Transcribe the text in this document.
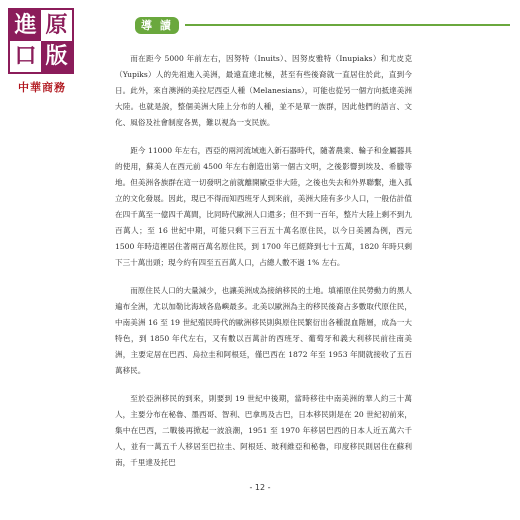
進 原
口 版
中華商務
導 讀

而在距今 5000 年前左右，因努特（Inuits）、因努皮雅特（Inupiaks）和尤皮克（Yupiks）人的先祖進入美洲，最遠直達北極，甚至有些後裔就一直居住於此，直到今日。此外，來自澳洲的美拉尼西亞人種（Melanesians），可能也從另一個方向抵達美洲大陸。也就是說，整個美洲大陸上分布的人種，並不是單一族群，因此他們的語言、文化、風俗及社會制度各異，難以視為一支民族。

距今 11000 年左右，西亞的兩河流域進入新石器時代，隨著農業、輪子和金屬器具的使用，蘇美人在西元前 4500 年左右創造出第一個古文明，之後影響到埃及、希臘等地。但美洲各族群在這一切發明之前就離開歐亞非大陸，之後也失去和外界聯繫，進入孤立的文化發展。因此，現已不得而知西班牙人到來前，美洲大陸有多少人口，一般估計值在四千萬至一億四千萬間，比同時代歐洲人口還多；但不到一百年，整片大陸上剩不到九百萬人；至 16 世紀中期，可能只剩下三百五十萬名原住民，以今日美國為例，西元 1500 年時這裡居住著兩百萬名原住民，到 1700 年已經降到七十五萬，1820 年時只剩下三十萬出頭；現今約有四至五百萬人口，占總人數不過 1% 左右。

而原住民人口的大量減少，也讓美洲成為接納移民的土地。填補原住民勞動力的黑人遍布全洲，尤以加勒比海域各島嶼最多。北美以歐洲為主的移民後裔占多數取代原住民，中南美洲 16 至 19 世紀殖民時代的歐洲移民則與原住民繁衍出各種混血階層，成為一大特色，到 1850 年代左右，又有數以百萬計的西班牙、葡萄牙和義大利移民前往南美洲，主要定居在巴西、烏拉圭和阿根廷，僅巴西在 1872 年至 1953 年間就接收了五百萬移民。

至於亞洲移民的到來，則要到 19 世紀中後期，當時移往中南美洲的華人約三十萬人，主要分布在秘魯、墨西哥、智利、巴拿馬及古巴，日本移民則是在 20 世紀初前來，集中在巴西，二戰後再掀起一波浪潮，1951 至 1970 年移居巴西的日本人近五萬六千人，並有一萬五千人移居至巴拉圭、阿根廷、玻利維亞和秘魯，印度移民則居住在蘇利南，千里達及托巴

- 12 -
